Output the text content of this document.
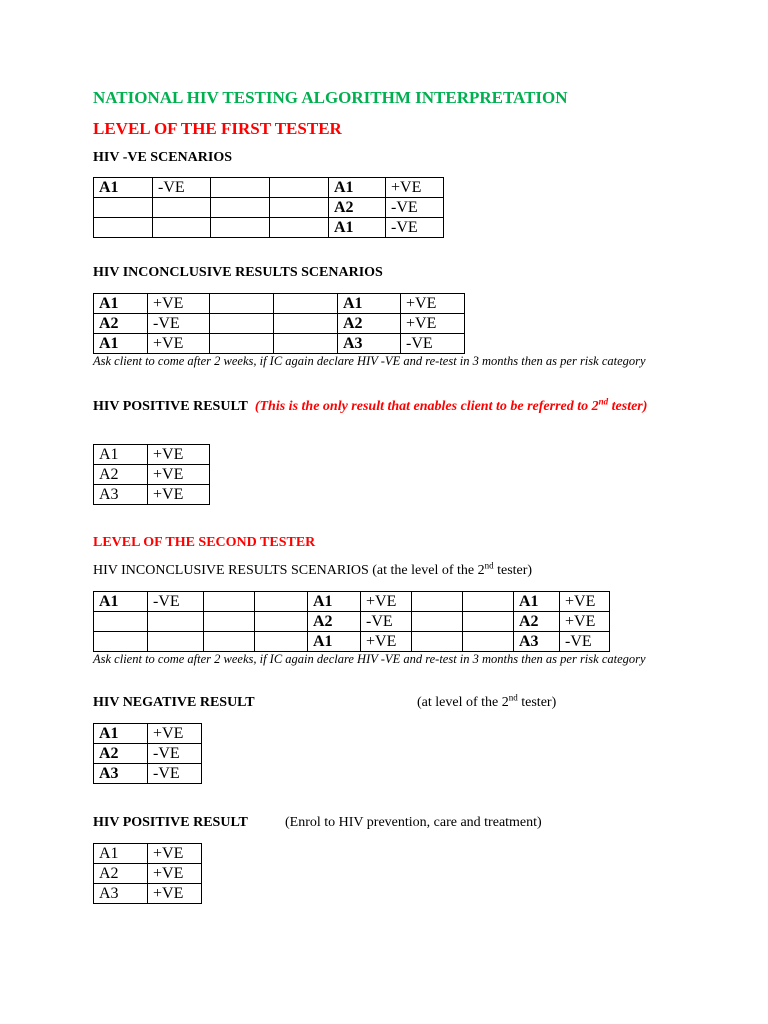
NATIONAL HIV TESTING ALGORITHM INTERPRETATION

LEVEL OF THE FIRST TESTER

HIV -VE SCENARIOS

A1	-VE			A1	+VE
				A2	-VE
				A1	-VE

HIV INCONCLUSIVE RESULTS SCENARIOS

A1	+VE			A1	+VE
A2	-VE			A2	+VE
A1	+VE			A3	-VE

Ask client to come after 2 weeks, if IC again declare HIV -VE and re-test in 3 months then as per risk category

HIV POSITIVE RESULT (This is the only result that enables client to be referred to 2nd tester)

A1	+VE
A2	+VE
A3	+VE

LEVEL OF THE SECOND TESTER

HIV INCONCLUSIVE RESULTS SCENARIOS (at the level of the 2nd tester)

A1	-VE			A1	+VE			A1	+VE
				A2	-VE			A2	+VE
				A1	+VE			A3	-VE

Ask client to come after 2 weeks, if IC again declare HIV -VE and re-test in 3 months then as per risk category

HIV NEGATIVE RESULT	(at level of the 2nd tester)

A1	+VE
A2	-VE
A3	-VE

HIV POSITIVE RESULT	(Enrol to HIV prevention, care and treatment)

A1	+VE
A2	+VE
A3	+VE
